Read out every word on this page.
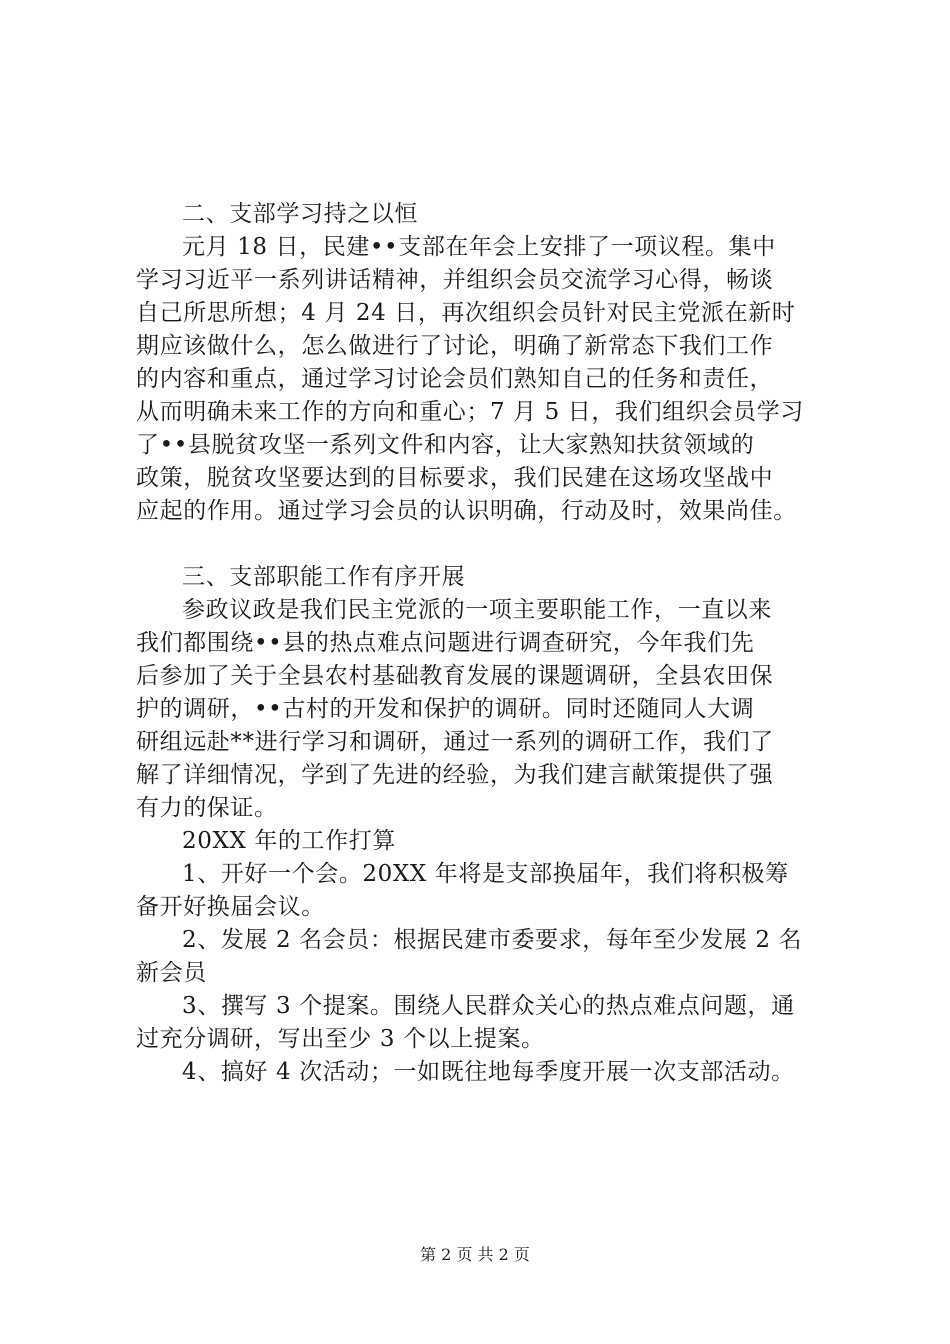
二、支部学习持之以恒
元月 18 日，民建••支部在年会上安排了一项议程。集中
学习习近平一系列讲话精神，并组织会员交流学习心得，畅谈
自己所思所想；4 月 24 日，再次组织会员针对民主党派在新时
期应该做什么，怎么做进行了讨论，明确了新常态下我们工作
的内容和重点，通过学习讨论会员们熟知自己的任务和责任，
从而明确未来工作的方向和重心；7 月 5 日，我们组织会员学习
了••县脱贫攻坚一系列文件和内容，让大家熟知扶贫领域的
政策，脱贫攻坚要达到的目标要求，我们民建在这场攻坚战中
应起的作用。通过学习会员的认识明确，行动及时，效果尚佳。
三、支部职能工作有序开展
参政议政是我们民主党派的一项主要职能工作，一直以来
我们都围绕••县的热点难点问题进行调查研究，今年我们先
后参加了关于全县农村基础教育发展的课题调研，全县农田保
护的调研，••古村的开发和保护的调研。同时还随同人大调
研组远赴**进行学习和调研，通过一系列的调研工作，我们了
解了详细情况，学到了先进的经验，为我们建言献策提供了强
有力的保证。
20XX 年的工作打算
1、开好一个会。20XX 年将是支部换届年，我们将积极筹
备开好换届会议。
2、发展 2 名会员：根据民建市委要求，每年至少发展 2 名
新会员
3、撰写 3 个提案。围绕人民群众关心的热点难点问题，通
过充分调研，写出至少 3 个以上提案。
4、搞好 4 次活动；一如既往地每季度开展一次支部活动。
第 2 页 共 2 页
